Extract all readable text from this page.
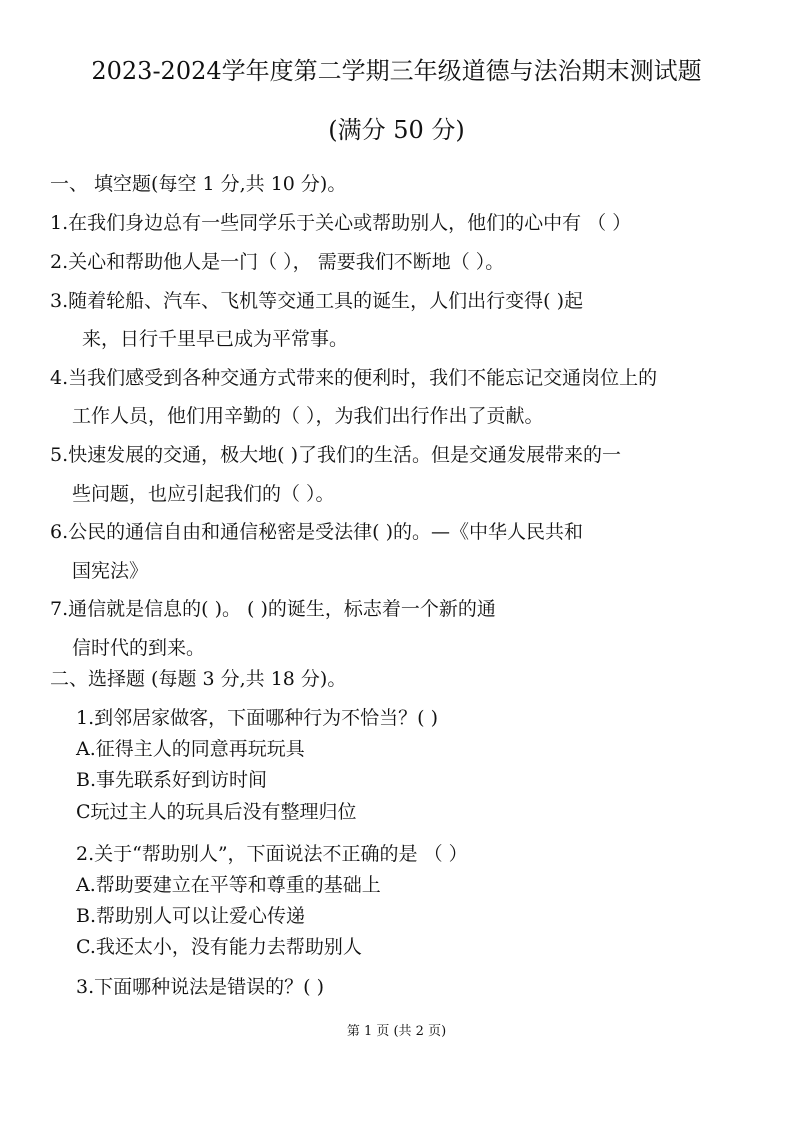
2023-2024学年度第二学期三年级道德与法治期末测试题
(满分 50 分)
一、 填空题(每空 1 分,共 10 分)。
1.在我们身边总有一些同学乐于关心或帮助别人，他们的心中有 （ ）
2.关心和帮助他人是一门（ ）， 需要我们不断地（ ）。
3.随着轮船、汽车、飞机等交通工具的诞生，人们出行变得( )起
来，日行千里早已成为平常事。
4.当我们感受到各种交通方式带来的便利时，我们不能忘记交通岗位上的
工作人员，他们用辛勤的（ ），为我们出行作出了贡献。
5.快速发展的交通，极大地( )了我们的生活。但是交通发展带来的一
些问题，也应引起我们的（ ）。
6.公民的通信自由和通信秘密是受法律( )的。—《中华人民共和
国宪法》
7.通信就是信息的( )。 ( )的诞生，标志着一个新的通
信时代的到来。
二、选择题 (每题 3 分,共 18 分)。
1.到邻居家做客，下面哪种行为不恰当？( )
A.征得主人的同意再玩玩具
B.事先联系好到访时间
C玩过主人的玩具后没有整理归位
2.关于“帮助别人”，下面说法不正确的是 （ ）
A.帮助要建立在平等和尊重的基础上
B.帮助别人可以让爱心传递
C.我还太小，没有能力去帮助别人
3.下面哪种说法是错误的？( )
第 1 页 (共 2 页)
